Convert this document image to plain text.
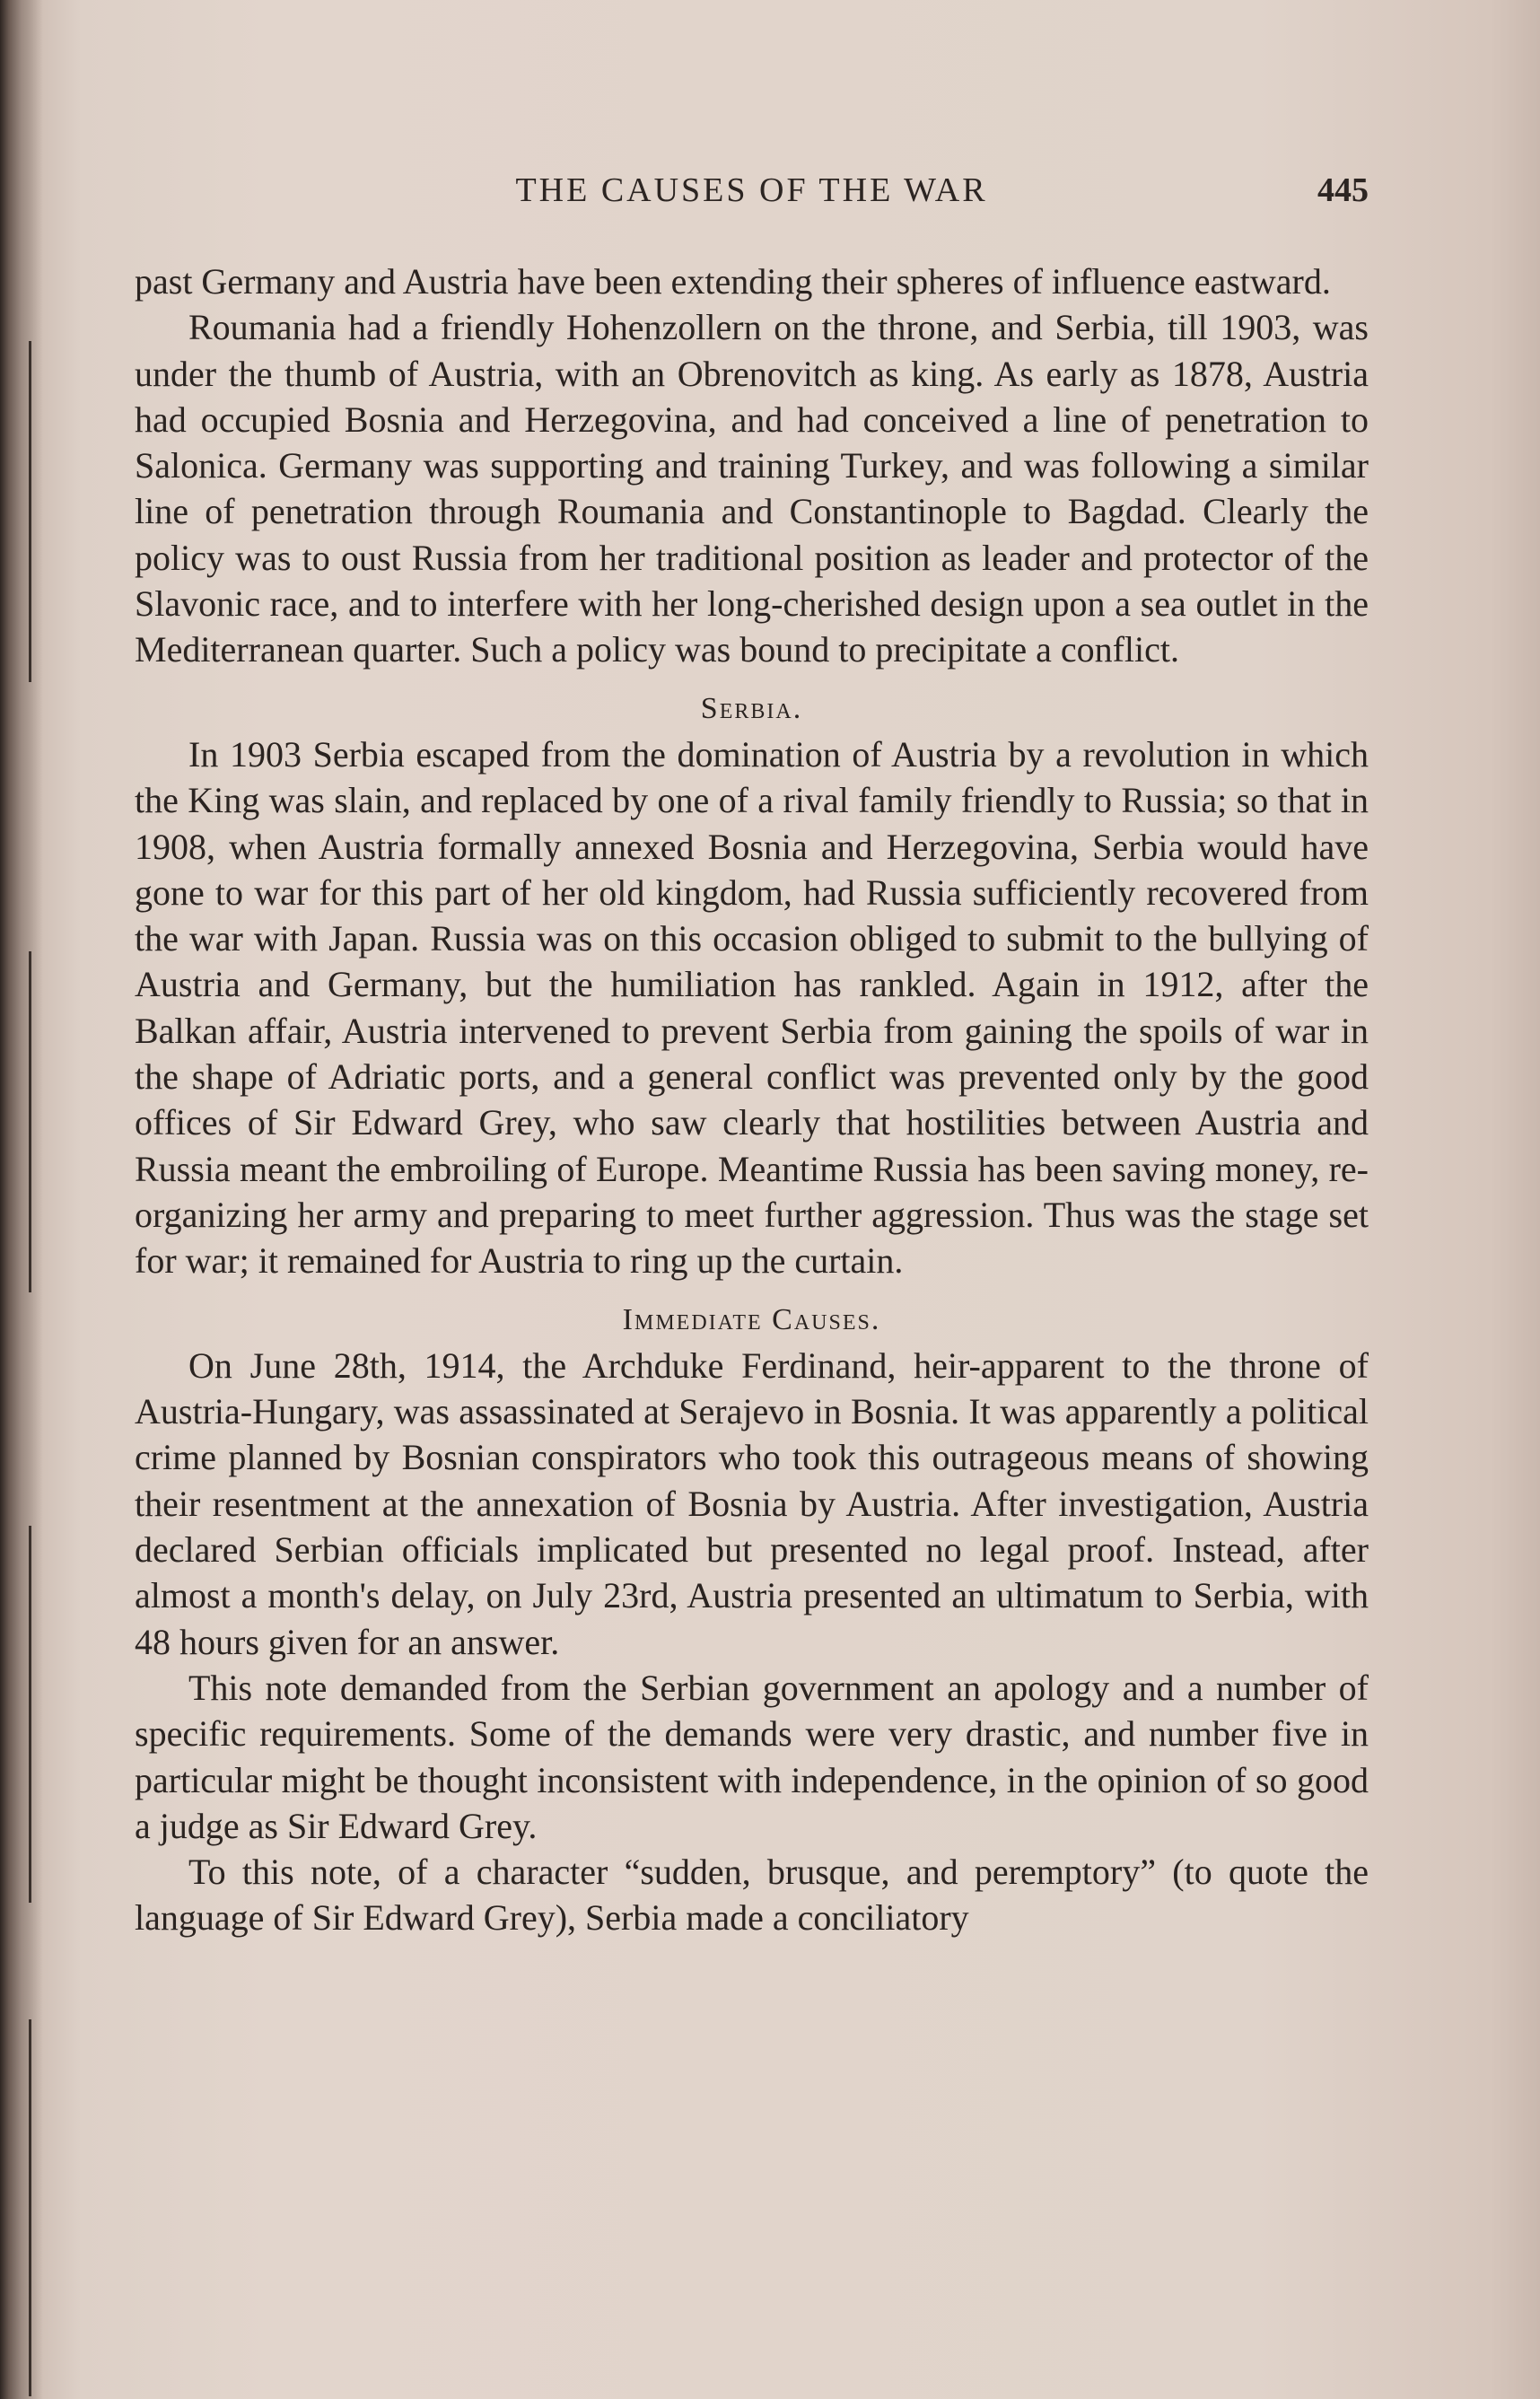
THE CAUSES OF THE WAR	445

past Germany and Austria have been extending their spheres of influence eastward.

Roumania had a friendly Hohenzollern on the throne, and Serbia, till 1903, was under the thumb of Austria, with an Obrenovitch as king. As early as 1878, Austria had occupied Bosnia and Herzegovina, and had conceived a line of penetration to Salonica. Germany was supporting and training Turkey, and was following a similar line of penetration through Roumania and Constantinople to Bagdad. Clearly the policy was to oust Russia from her traditional position as leader and protector of the Slavonic race, and to interfere with her long-cherished design upon a sea outlet in the Mediterranean quarter. Such a policy was bound to precipitate a conflict.

Serbia.

In 1903 Serbia escaped from the domination of Austria by a revolution in which the King was slain, and replaced by one of a rival family friendly to Russia; so that in 1908, when Austria formally annexed Bosnia and Herzegovina, Serbia would have gone to war for this part of her old kingdom, had Russia sufficiently recovered from the war with Japan. Russia was on this occasion obliged to submit to the bullying of Austria and Germany, but the humiliation has rankled. Again in 1912, after the Balkan affair, Austria intervened to prevent Serbia from gaining the spoils of war in the shape of Adriatic ports, and a general conflict was prevented only by the good offices of Sir Edward Grey, who saw clearly that hostilities between Austria and Russia meant the embroiling of Europe. Meantime Russia has been saving money, re-organizing her army and preparing to meet further aggression. Thus was the stage set for war; it remained for Austria to ring up the curtain.

Immediate Causes.

On June 28th, 1914, the Archduke Ferdinand, heir-apparent to the throne of Austria-Hungary, was assassinated at Serajevo in Bosnia. It was apparently a political crime planned by Bosnian conspirators who took this outrageous means of showing their resentment at the annexation of Bosnia by Austria. After investigation, Austria declared Serbian officials implicated but presented no legal proof. Instead, after almost a month's delay, on July 23rd, Austria presented an ultimatum to Serbia, with 48 hours given for an answer.

This note demanded from the Serbian government an apology and a number of specific requirements. Some of the demands were very drastic, and number five in particular might be thought inconsistent with independence, in the opinion of so good a judge as Sir Edward Grey.

To this note, of a character “sudden, brusque, and peremptory” (to quote the language of Sir Edward Grey), Serbia made a conciliatory
